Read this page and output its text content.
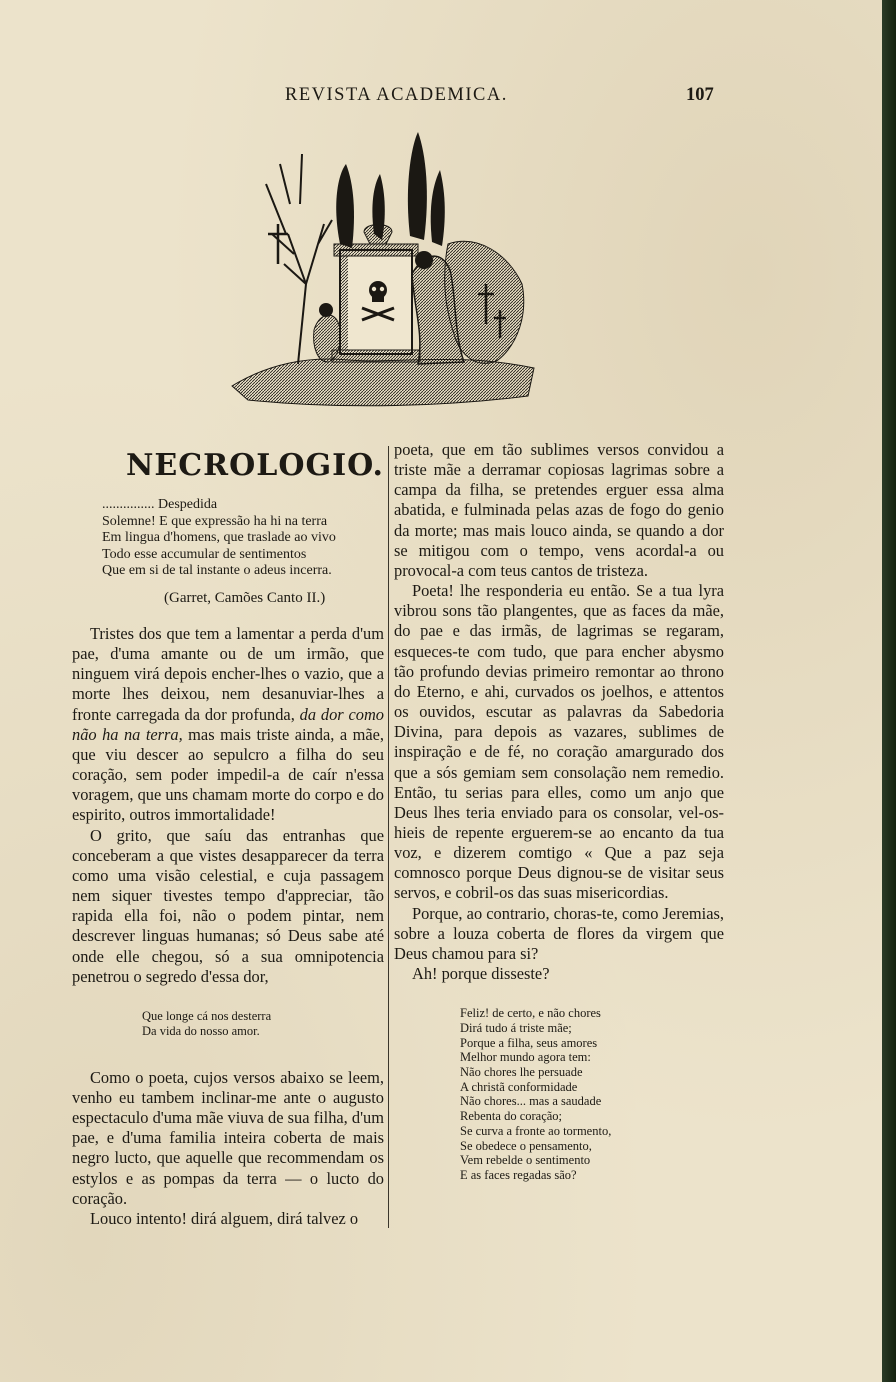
REVISTA ACADEMICA.	107
NECROLOGIO.
............... Despedida
Solemne! E que expressão ha hi na terra
Em lingua d'homens, que traslade ao vivo
Todo esse accumular de sentimentos
Que em si de tal instante o adeus incerra.
(Garret, Camões Canto II.)

Tristes dos que tem a lamentar a perda d'um pae, d'uma amante ou de um irmão, que ninguem virá depois encher-lhes o vazio, que a morte lhes deixou, nem desanuviar-lhes a fronte carregada da dor profunda, da dor como não ha na terra, mas mais triste ainda, a mãe, que viu descer ao sepulcro a filha do seu coração, sem poder impedil-a de caír n'essa voragem, que uns chamam morte do corpo e do espirito, outros immortalidade!

O grito, que saíu das entranhas que conceberam a que vistes desapparecer da terra como uma visão celestial, e cuja passagem nem siquer tivestes tempo d'appreciar, tão rapida ella foi, não o podem pintar, nem descrever linguas humanas; só Deus sabe até onde elle chegou, só a sua omnipotencia penetrou o segredo d'essa dor,

Que longe cá nos desterra
Da vida do nosso amor.

Como o poeta, cujos versos abaixo se leem, venho eu tambem inclinar-me ante o augusto espectaculo d'uma mãe viuva de sua filha, d'um pae, e d'uma familia inteira coberta de mais negro lucto, que aquelle que recommendam os estylos e as pompas da terra — o lucto do coração.

Louco intento! dirá alguem, dirá talvez o

poeta, que em tão sublimes versos convidou a triste mãe a derramar copiosas lagrimas sobre a campa da filha, se pretendes erguer essa alma abatida, e fulminada pelas azas de fogo do genio da morte; mas mais louco ainda, se quando a dor se mitigou com o tempo, vens acordal-a ou provocal-a com teus cantos de tristeza.

Poeta! lhe responderia eu então. Se a tua lyra vibrou sons tão plangentes, que as faces da mãe, do pae e das irmãs, de lagrimas se regaram, esqueces-te com tudo, que para encher abysmo tão profundo devias primeiro remontar ao throno do Eterno, e ahi, curvados os joelhos, e attentos os ouvidos, escutar as palavras da Sabedoria Divina, para depois as vazares, sublimes de inspiração e de fé, no coração amargurado dos que a sós gemiam sem consolação nem remedio. Então, tu serias para elles, como um anjo que Deus lhes teria enviado para os consolar, vel-os-hieis de repente erguerem-se ao encanto da tua voz, e dizerem comtigo « Que a paz seja comnosco porque Deus dignou-se de visitar seus servos, e cobril-os das suas misericordias.

Porque, ao contrario, choras-te, como Jeremias, sobre a louza coberta de flores da virgem que Deus chamou para si?

Ah! porque disseste?

Feliz! de certo, e não chores
Dirá tudo á triste mãe;
Porque a filha, seus amores
Melhor mundo agora tem:
Não chores lhe persuade
A christã conformidade
Não chores... mas a saudade
Rebenta do coração;
Se curva a fronte ao tormento,
Se obedece o pensamento,
Vem rebelde o sentimento
E as faces regadas são?
